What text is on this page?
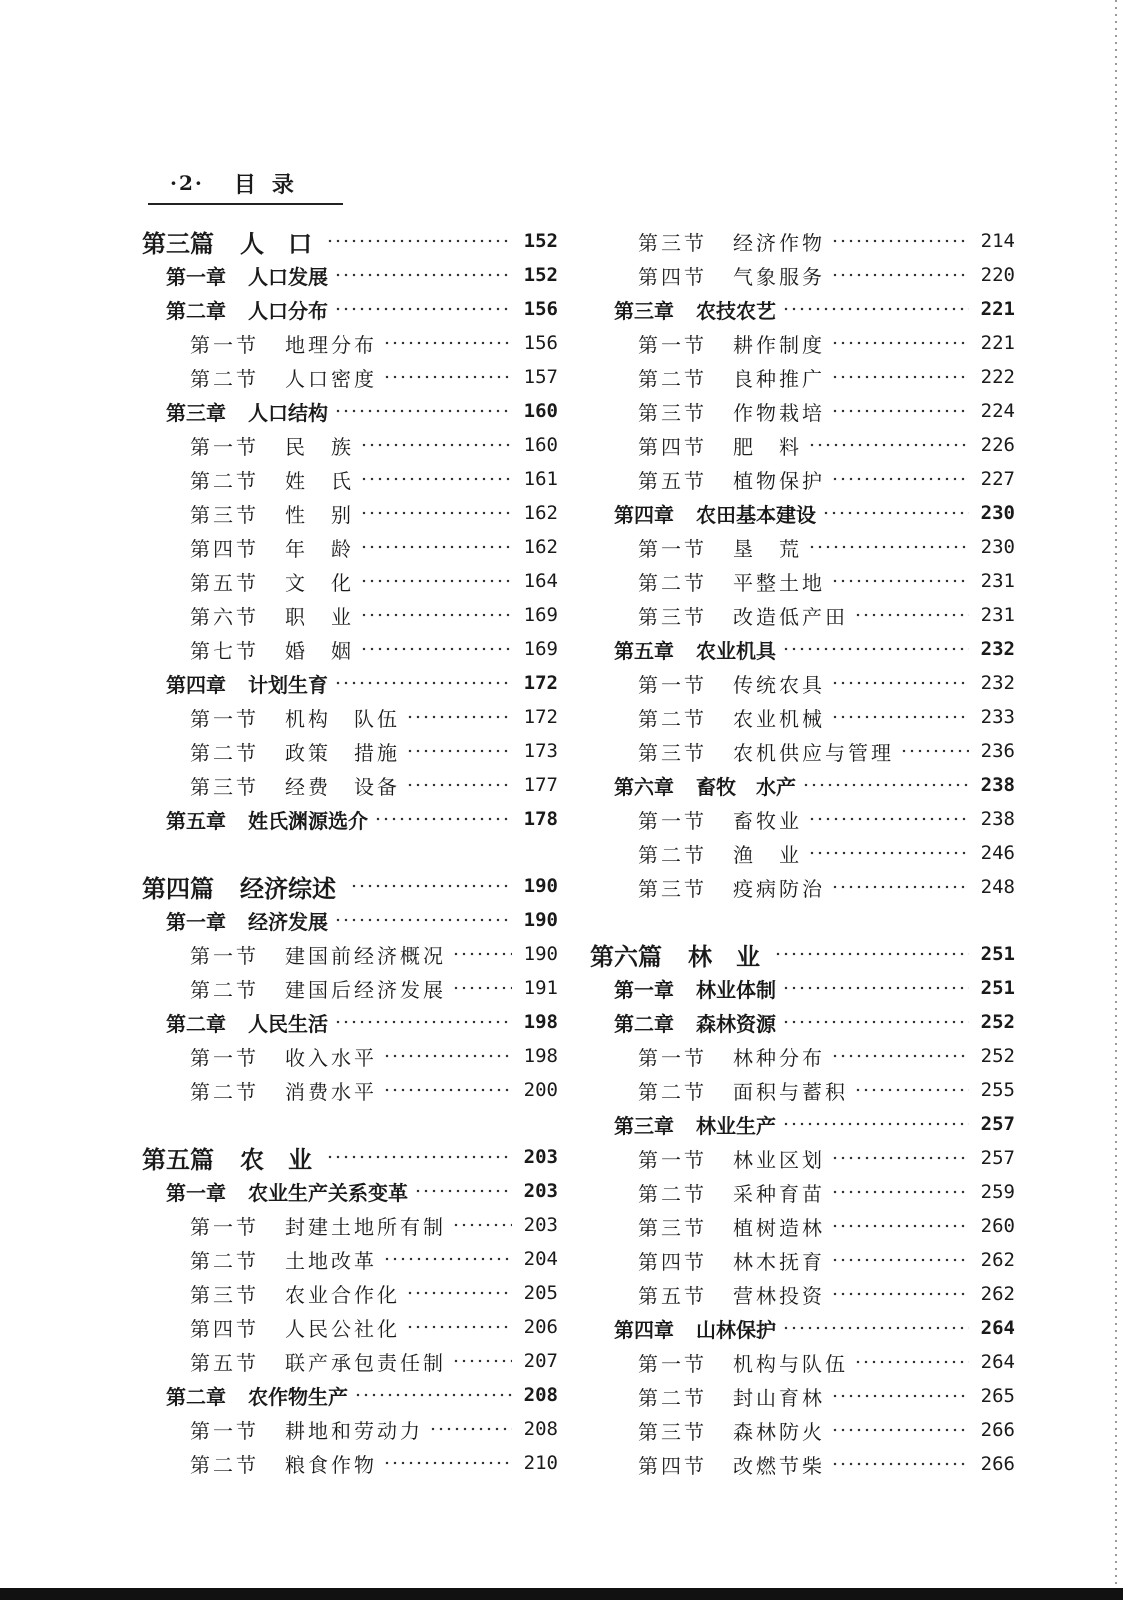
·2· 目录
第三篇 人　口	152
第一章 人口发展	152
第二章 人口分布	156
第一节 地理分布	156
第二节 人口密度	157
第三章 人口结构	160
第一节 民　族	160
第二节 姓　氏	161
第三节 性　别	162
第四节 年　龄	162
第五节 文　化	164
第六节 职　业	169
第七节 婚　姻	169
第四章 计划生育	172
第一节 机构　队伍	172
第二节 政策　措施	173
第三节 经费　设备	177
第五章 姓氏渊源选介	178
第四篇 经济综述	190
第一章 经济发展	190
第一节 建国前经济概况	190
第二节 建国后经济发展	191
第二章 人民生活	198
第一节 收入水平	198
第二节 消费水平	200
第五篇 农　业	203
第一章 农业生产关系变革	203
第一节 封建土地所有制	203
第二节 土地改革	204
第三节 农业合作化	205
第四节 人民公社化	206
第五节 联产承包责任制	207
第二章 农作物生产	208
第一节 耕地和劳动力	208
第二节 粮食作物	210
第三节 经济作物	214
第四节 气象服务	220
第三章 农技农艺	221
第一节 耕作制度	221
第二节 良种推广	222
第三节 作物栽培	224
第四节 肥　料	226
第五节 植物保护	227
第四章 农田基本建设	230
第一节 垦　荒	230
第二节 平整土地	231
第三节 改造低产田	231
第五章 农业机具	232
第一节 传统农具	232
第二节 农业机械	233
第三节 农机供应与管理	236
第六章 畜牧　水产	238
第一节 畜牧业	238
第二节 渔　业	246
第三节 疫病防治	248
第六篇 林　业	251
第一章 林业体制	251
第二章 森林资源	252
第一节 林种分布	252
第二节 面积与蓄积	255
第三章 林业生产	257
第一节 林业区划	257
第二节 采种育苗	259
第三节 植树造林	260
第四节 林木抚育	262
第五节 营林投资	262
第四章 山林保护	264
第一节 机构与队伍	264
第二节 封山育林	265
第三节 森林防火	266
第四节 改燃节柴	266
